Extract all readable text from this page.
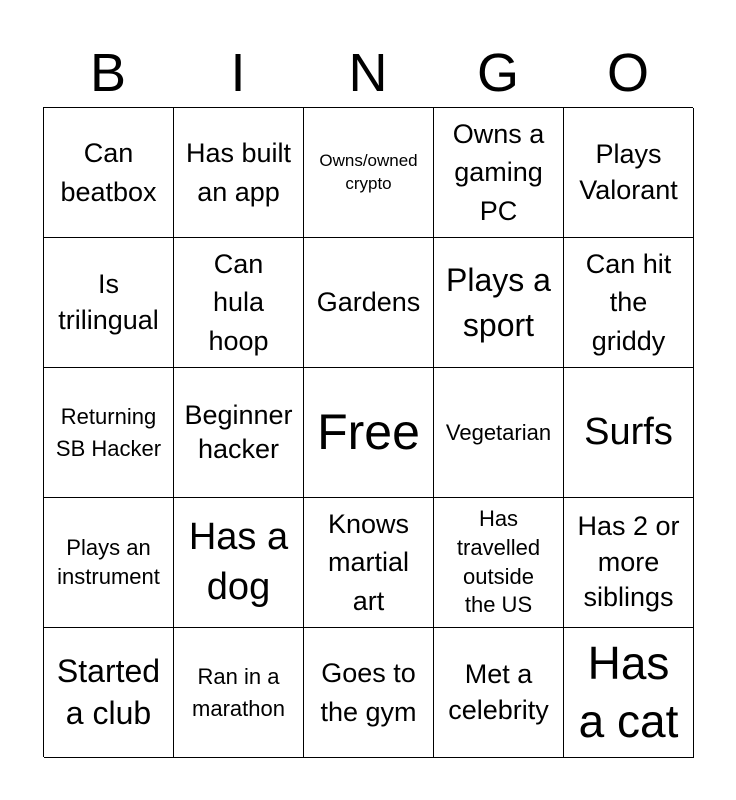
B	I	N	G	O
Can beatbox
Has built an app
Owns/owned crypto
Owns a gaming PC
Plays Valorant
Is trilingual
Can hula hoop
Gardens
Plays a sport
Can hit the griddy
Returning SB Hacker
Beginner hacker Free Vegetarian Surfs
Plays an instrument
Has a dog
Knows martial art
Has travelled outside the US
Has 2 or more siblings
Started a club
Ran in a marathon
Goes to the gym
Met a celebrity
Has a cat
